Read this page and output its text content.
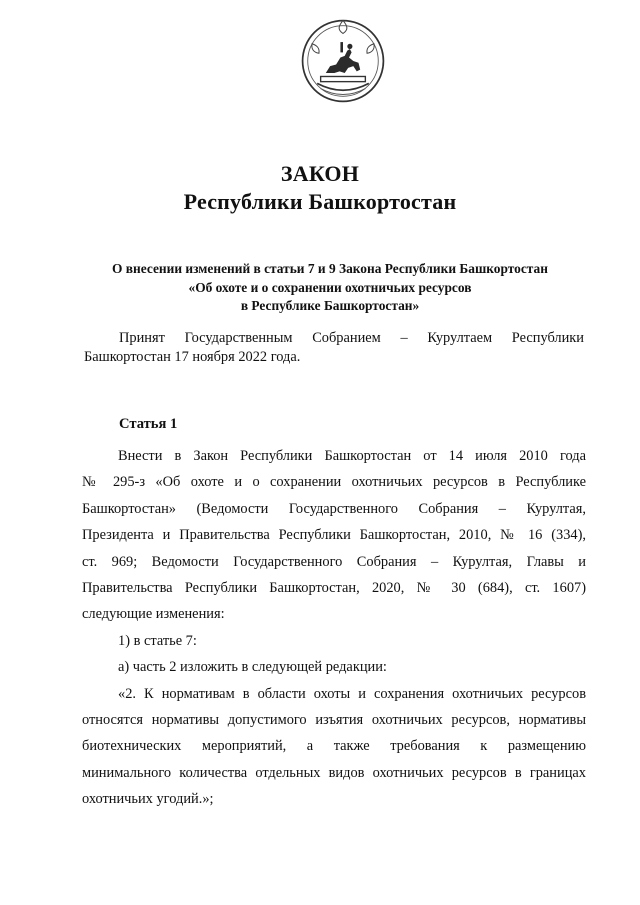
ЗАКОН
Республики Башкортостан
О внесении изменений в статьи 7 и 9 Закона Республики Башкортостан
«Об охоте и о сохранении охотничьих ресурсов
в Республике Башкортостан»
Принят Государственным Собранием – Курултаем Республики
Башкортостан 17 ноября 2022 года.
Статья 1

Внести в Закон Республики Башкортостан от 14 июля 2010 года
№ 295-з «Об охоте и о сохранении охотничьих ресурсов в Республике
Башкортостан» (Ведомости Государственного Собрания – Курултая,
Президента и Правительства Республики Башкортостан, 2010, № 16 (334),
ст. 969; Ведомости Государственного Собрания – Курултая, Главы и
Правительства Республики Башкортостан, 2020, № 30 (684), ст. 1607)
следующие изменения:

1) в статье 7:

а) часть 2 изложить в следующей редакции:

«2. К нормативам в области охоты и сохранения охотничьих ресурсов
относятся нормативы допустимого изъятия охотничьих ресурсов, нормативы
биотехнических мероприятий, а также требования к размещению
минимального количества отдельных видов охотничьих ресурсов в границах
охотничьих угодий.»;
